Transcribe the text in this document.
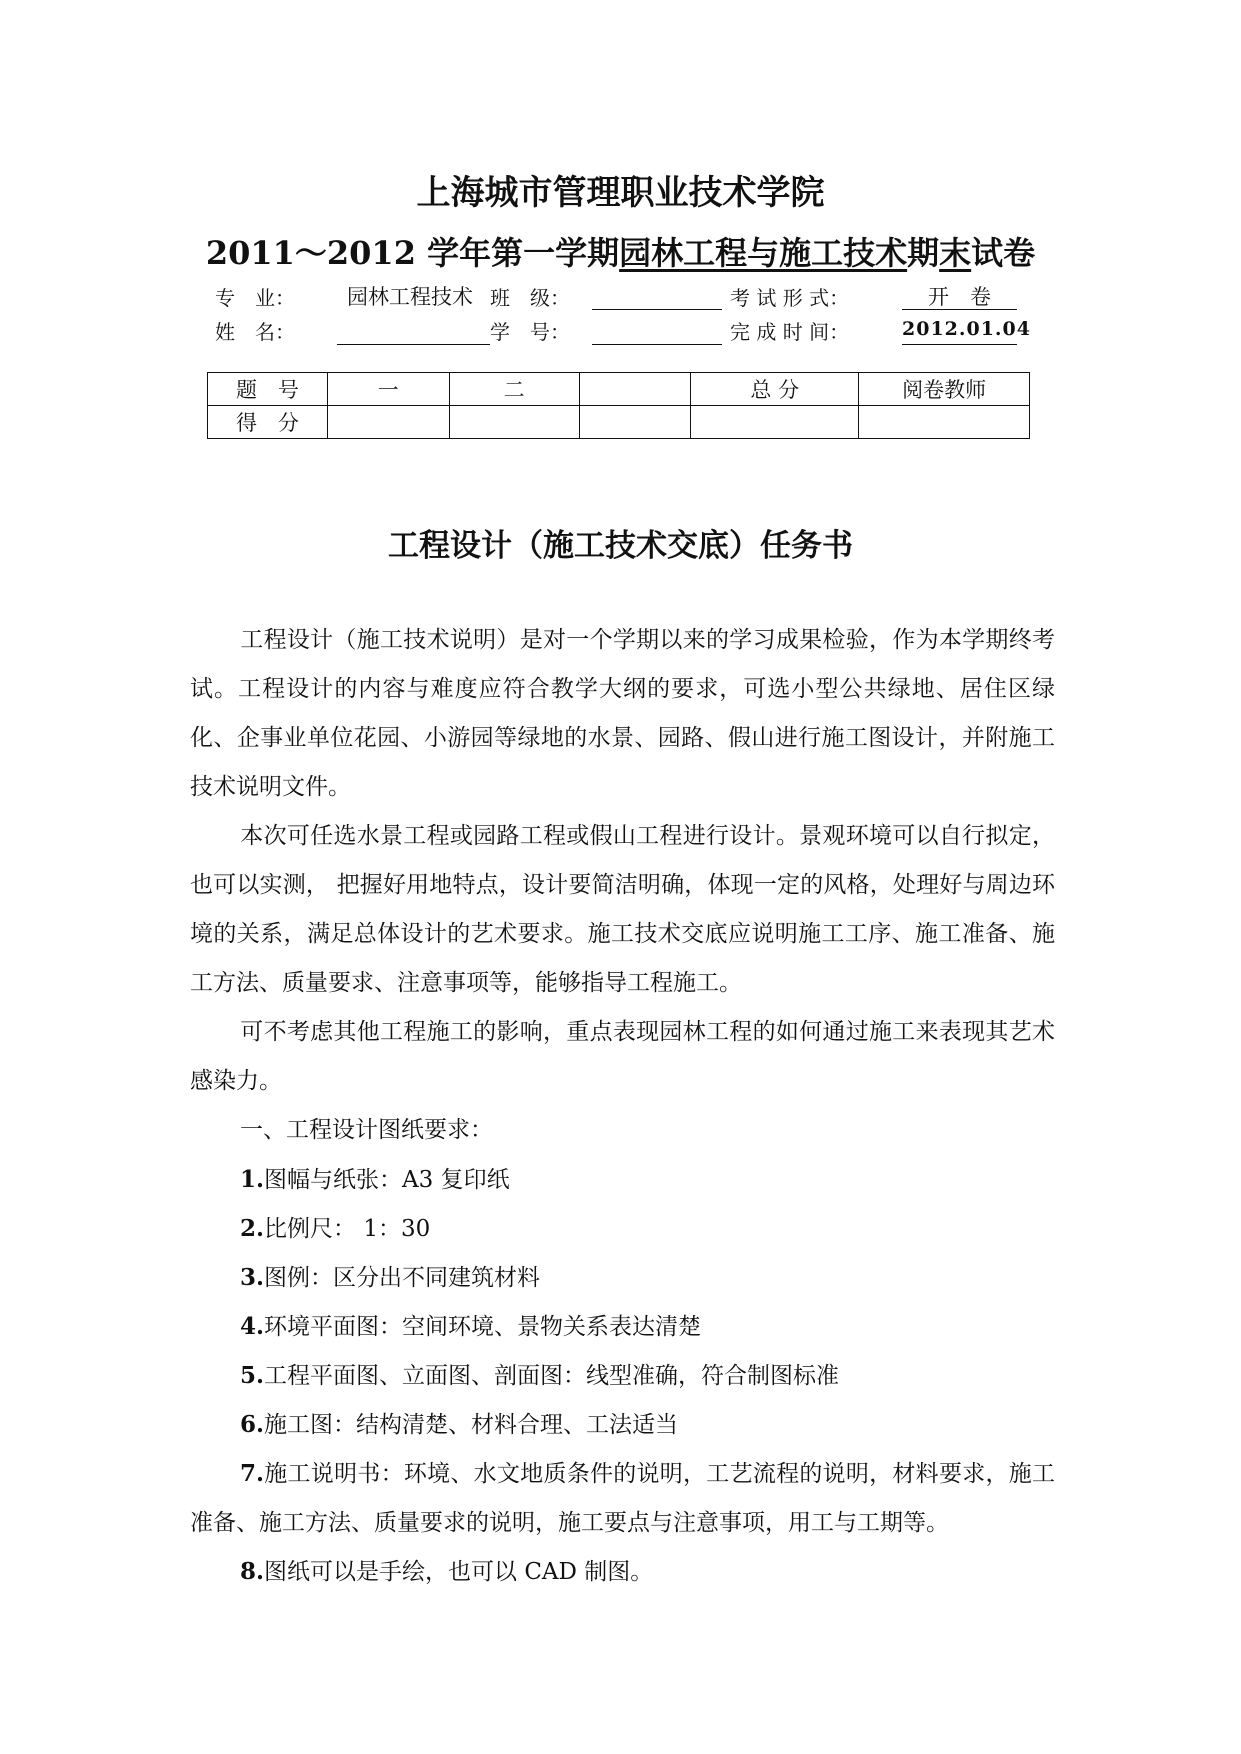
上海城市管理职业技术学院
2011～2012 学年第一学期园林工程与施工技术期末试卷
专　业： 园林工程技术 班　级：	考 试 形 式：	开　卷
姓　名：	学　号：	完 成 时 间：	2012.01.04
题　号	一	二		总 分	阅卷教师
得　分					
工程设计（施工技术交底）任务书
工程设计（施工技术说明）是对一个学期以来的学习成果检验，作为本学期终考试。工程设计的内容与难度应符合教学大纲的要求，可选小型公共绿地、居住区绿化、企事业单位花园、小游园等绿地的水景、园路、假山进行施工图设计，并附施工技术说明文件。
本次可任选水景工程或园路工程或假山工程进行设计。景观环境可以自行拟定，也可以实测， 把握好用地特点，设计要简洁明确，体现一定的风格，处理好与周边环境的关系，满足总体设计的艺术要求。施工技术交底应说明施工工序、施工准备、施工方法、质量要求、注意事项等，能够指导工程施工。
可不考虑其他工程施工的影响，重点表现园林工程的如何通过施工来表现其艺术感染力。
一、工程设计图纸要求：
1.图幅与纸张：A3 复印纸
2.比例尺： 1：30
3.图例：区分出不同建筑材料
4.环境平面图：空间环境、景物关系表达清楚
5.工程平面图、立面图、剖面图：线型准确，符合制图标准
6.施工图：结构清楚、材料合理、工法适当
7.施工说明书：环境、水文地质条件的说明，工艺流程的说明，材料要求，施工准备、施工方法、质量要求的说明，施工要点与注意事项，用工与工期等。
8.图纸可以是手绘，也可以 CAD 制图。
